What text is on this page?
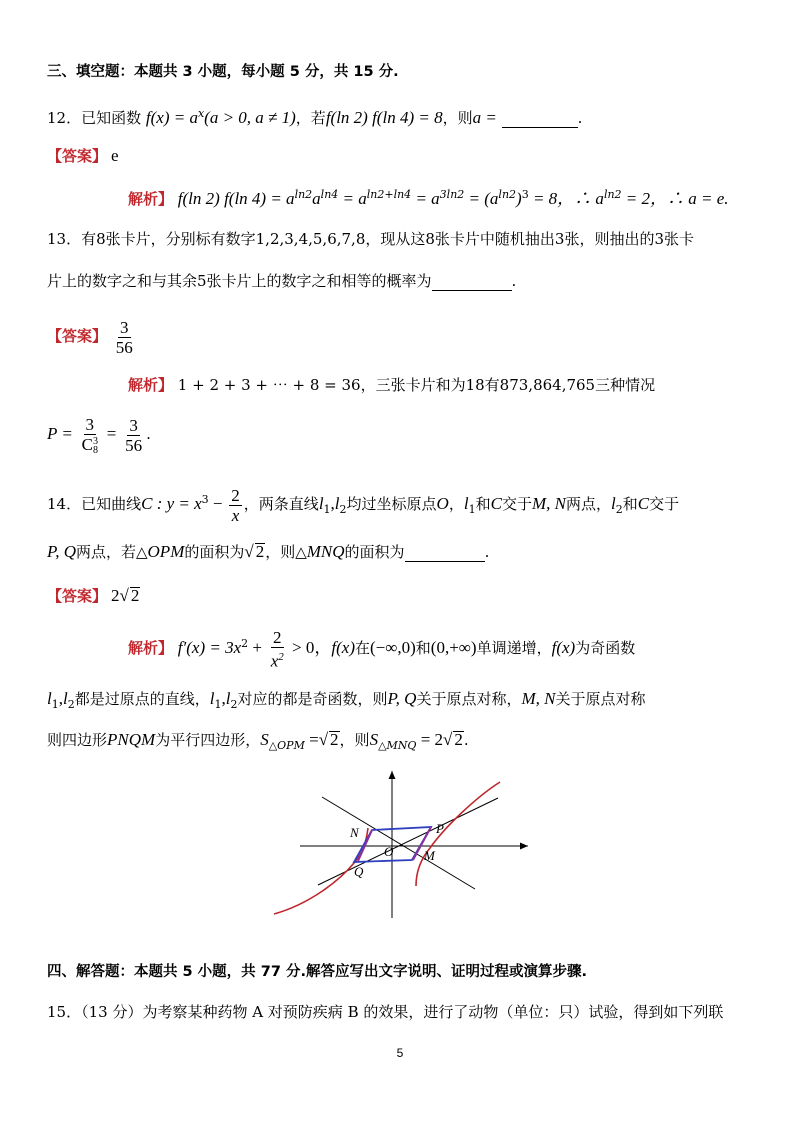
三、填空题：本题共 3 小题，每小题 5 分，共 15 分.
12．已知函数 $f(x) = a^x(a > 0$, a ≠ 1)，若f(ln 2) f(ln 4) = 8，则a =	.
【答案】 e
解析】 f(ln 2) f(ln $4) = a^{ln2}a^{ln4} = a^{ln2+ln4} = a^{3ln2} = (a^{ln2})^3 = 8$，∴ $a^{ln2} = 2$，∴ a = e.
13．有8张卡片，分别标有数字1,2,3,4,5,6,7,8，现从这8张卡片中随机抽出3张，则抽出的3张卡
片上的数字之和与其余5张卡片上的数字之和相等的概率为	.
【答案】 $\frac{3}{56}$
解析】 1 + 2 + 3 + ⋯ + 8 = 36，三张卡片和为18有873,864,765三种情况
P = 3
C 3
$8 = \frac{3}{56}$ .
14．已知曲线C : $y = x^3 - \frac{2}{x}$ ，两条直线$l_1,l_2$均过坐标原点O，$l_1$和C交于M, N两点，$l_2$和C交于
P, Q两点，若△OPM的面积为√ 2，则△MNQ的面积为	.
【答案】 2√ 2
解析】 $f'(x) = 3x^2 + \frac{2}{x^2} > 0$，f(x)在(−∞,0)和(0,+∞)单调递增，f(x)为奇函数
$l_1,l_2$都是过原点的直线，$l_1,l_2$对应的都是奇函数，则P, Q关于原点对称，M, N关于原点对称
则四边形PNQM为平行四边形，$S_{\triangle OPM}$ =√ 2，则$S_{\triangle MNQ} = 2√$ 2.
N	P
O M
Q
四、解答题：本题共 5 小题，共 77 分.解答应写出文字说明、证明过程或演算步骤.
15．（13 分）为考察某种药物 A 对预防疾病 B 的效果，进行了动物（单位：只）试验，得到如下列联
5
